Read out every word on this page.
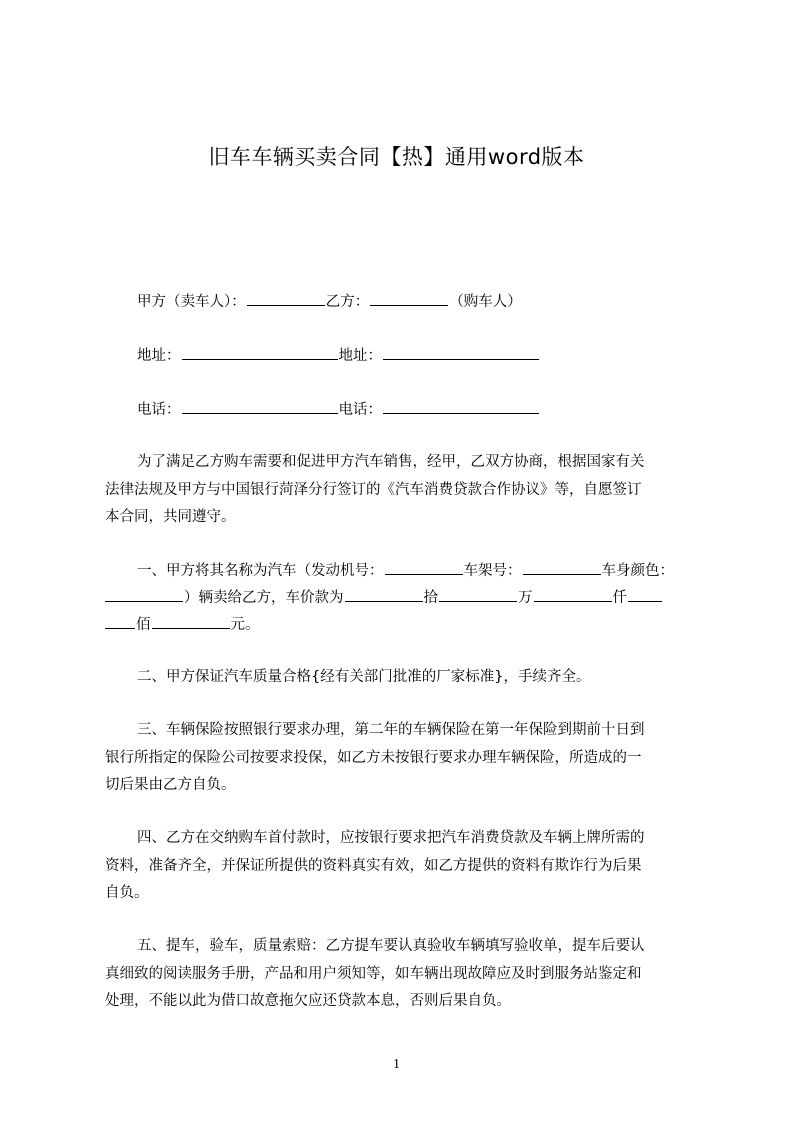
旧车车辆买卖合同【热】通用word版本
甲方（卖车人）：	乙方：	（购车人）
地址：	地址：
电话：	电话：
为了满足乙方购车需要和促进甲方汽车销售，经甲，乙双方协商，根据国家有关
法律法规及甲方与中国银行菏泽分行签订的《汽车消费贷款合作协议》等，自愿签订
本合同，共同遵守。
一、甲方将其名称为汽车（发动机号：	车架号：	车身颜色：
）辆卖给乙方，车价款为	拾	万	仟
佰	元。
二、甲方保证汽车质量合格{经有关部门批准的厂家标准}，手续齐全。
三、车辆保险按照银行要求办理，第二年的车辆保险在第一年保险到期前十日到
银行所指定的保险公司按要求投保，如乙方未按银行要求办理车辆保险，所造成的一
切后果由乙方自负。
四、乙方在交纳购车首付款时，应按银行要求把汽车消费贷款及车辆上牌所需的
资料，准备齐全，并保证所提供的资料真实有效，如乙方提供的资料有欺诈行为后果
自负。
五、提车，验车，质量索赔：乙方提车要认真验收车辆填写验收单，提车后要认
真细致的阅读服务手册，产品和用户须知等，如车辆出现故障应及时到服务站鉴定和
处理，不能以此为借口故意拖欠应还贷款本息，否则后果自负。
1
